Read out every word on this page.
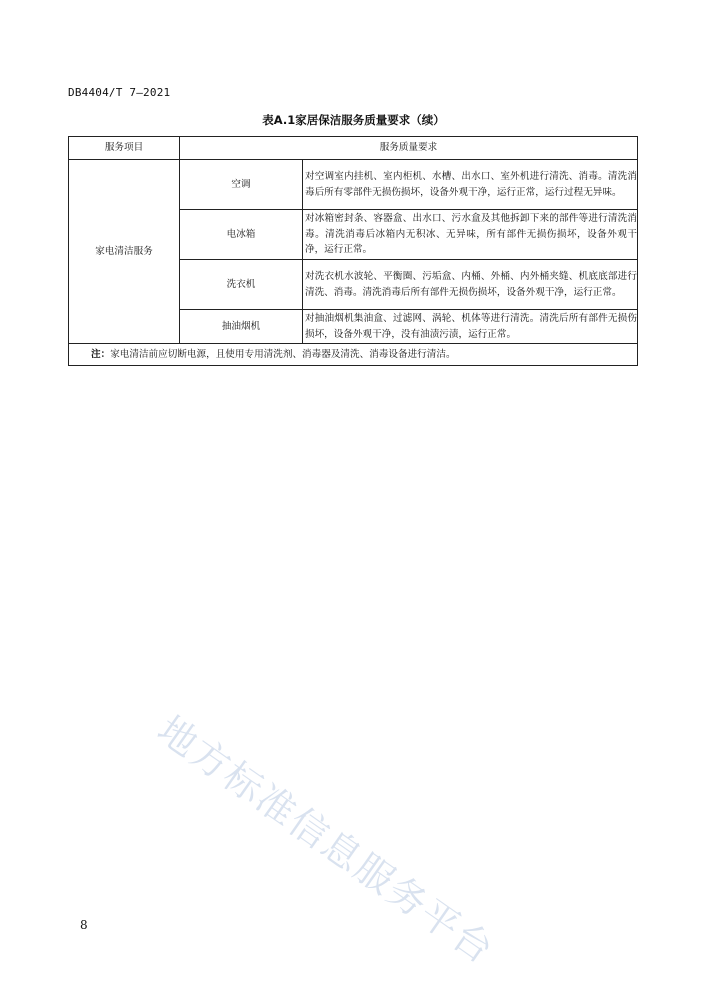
DB4404/T 7—2021
表A.1家居保洁服务质量要求（续）
服务项目	服务质量要求	
家电清洁服务	空调	对空调室内挂机、室内柜机、水槽、出水口、室外机进行清洗、消毒。清洗消毒后所有零部件无损伤损坏，设备外观干净，运行正常，运行过程无异味。
	电冰箱	对冰箱密封条、容器盒、出水口、污水盒及其他拆卸下来的部件等进行清洗消毒。清洗消毒后冰箱内无积冰、无异味，所有部件无损伤损坏，设备外观干净，运行正常。
	洗衣机	对洗衣机水波轮、平衡圈、污垢盒、内桶、外桶、内外桶夹缝、机底底部进行清洗、消毒。清洗消毒后所有部件无损伤损坏，设备外观干净，运行正常。
	抽油烟机	对抽油烟机集油盒、过滤网、涡轮、机体等进行清洗。清洗后所有部件无损伤损坏，设备外观干净，没有油渍污渍，运行正常。
注：家电清洁前应切断电源，且使用专用清洗剂、消毒器及清洗、消毒设备进行清洁。		
地方标准信息服务平台
8
